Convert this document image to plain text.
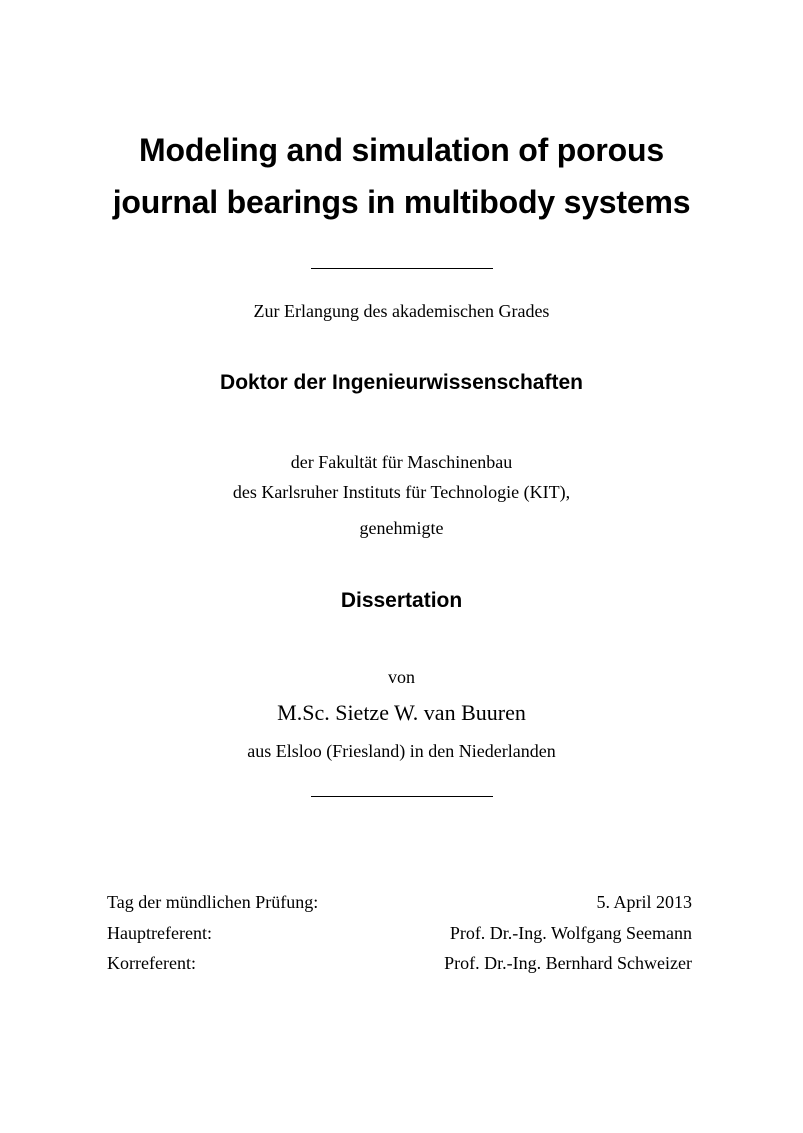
Modeling and simulation of porous
journal bearings in multibody systems
Zur Erlangung des akademischen Grades
Doktor der Ingenieurwissenschaften
der Fakultät für Maschinenbau
des Karlsruher Instituts für Technologie (KIT),
genehmigte
Dissertation
von
M.Sc. Sietze W. van Buuren
aus Elsloo (Friesland) in den Niederlanden
Tag der mündlichen Prüfung:	5. April 2013
Hauptreferent:	Prof. Dr.-Ing. Wolfgang Seemann
Korreferent:	Prof. Dr.-Ing. Bernhard Schweizer
